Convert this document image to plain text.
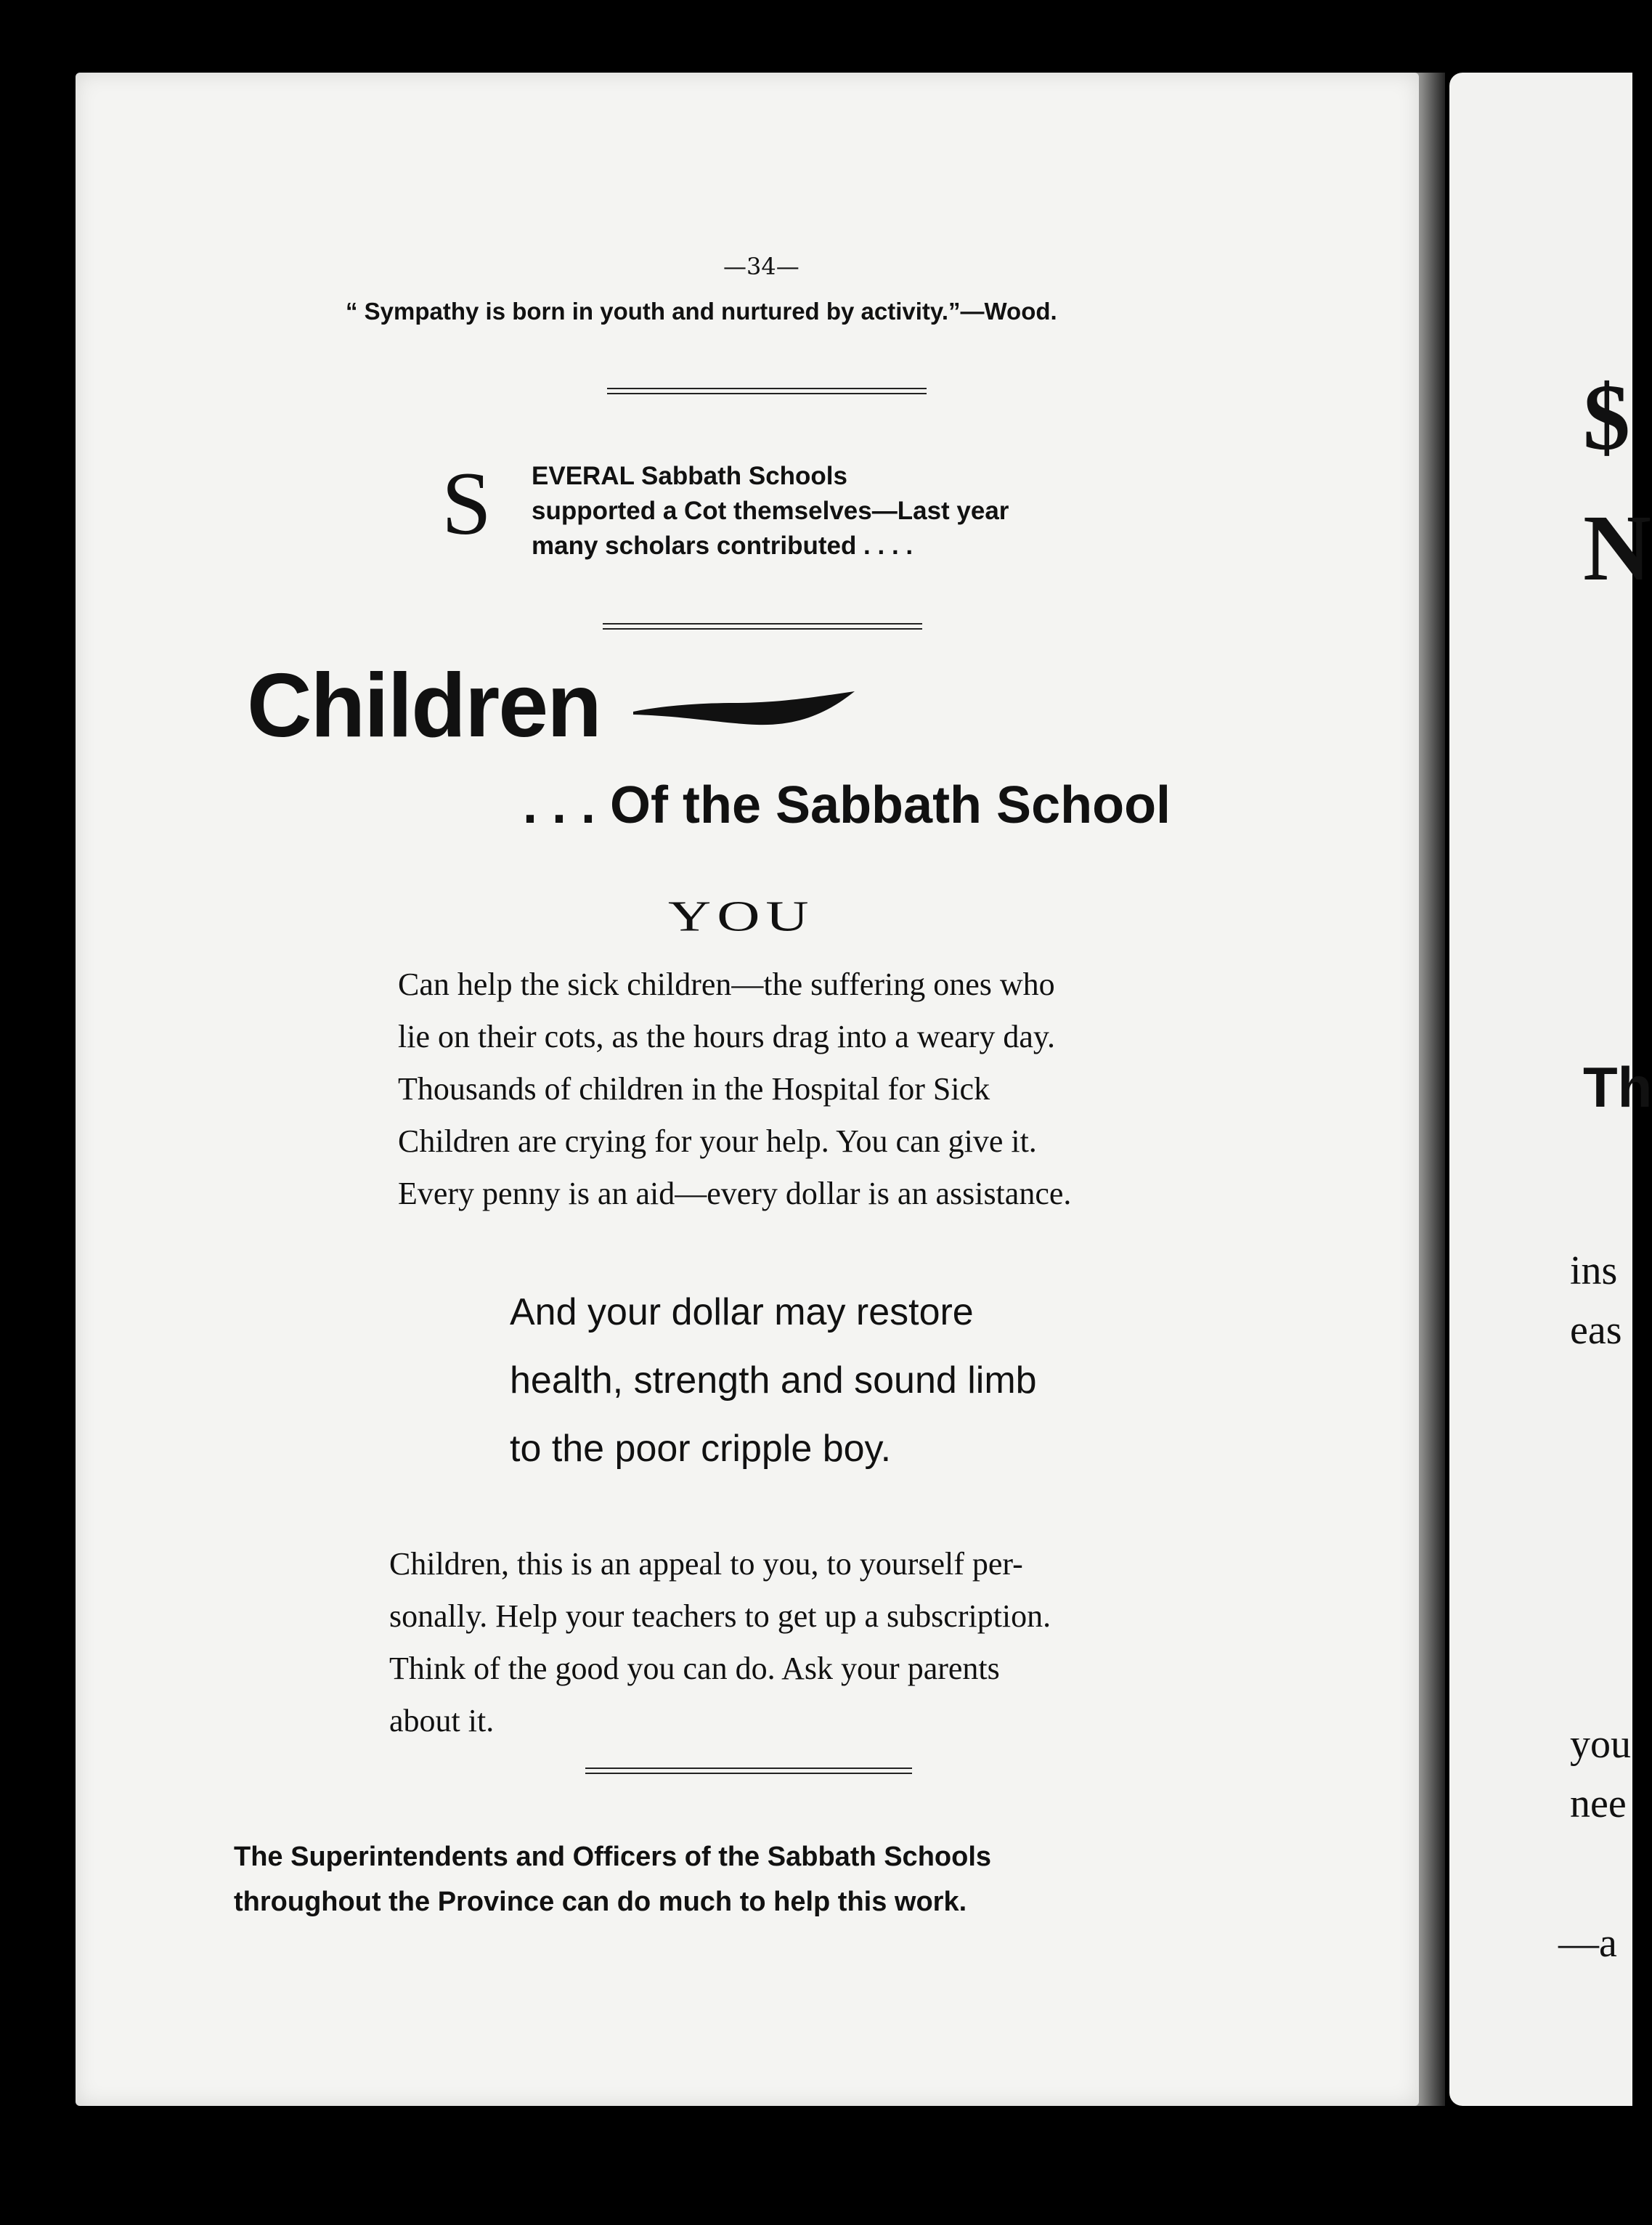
—34—
“ Sympathy is born in youth and nurtured by activity.”—Wood.
S EVERAL Sabbath Schools
supported a Cot themselves—Last year
many scholars contributed . . . .
Children
. . . Of the Sabbath School
YOU
Can help the sick children—the suffering ones who
lie on their cots, as the hours drag into a weary day.
Thousands of children in the Hospital for Sick
Children are crying for your help. You can give it.
Every penny is an aid—every dollar is an assistance.
And your dollar may restore
health, strength and sound limb
to the poor cripple boy.
Children, this is an appeal to you, to yourself per-
sonally. Help your teachers to get up a subscription.
Think of the good you can do. Ask your parents
about it.
The Superintendents and Officers of the Sabbath Schools
throughout the Province can do much to help this work.
$
N
Th
ins
eas
you
nee
—a
